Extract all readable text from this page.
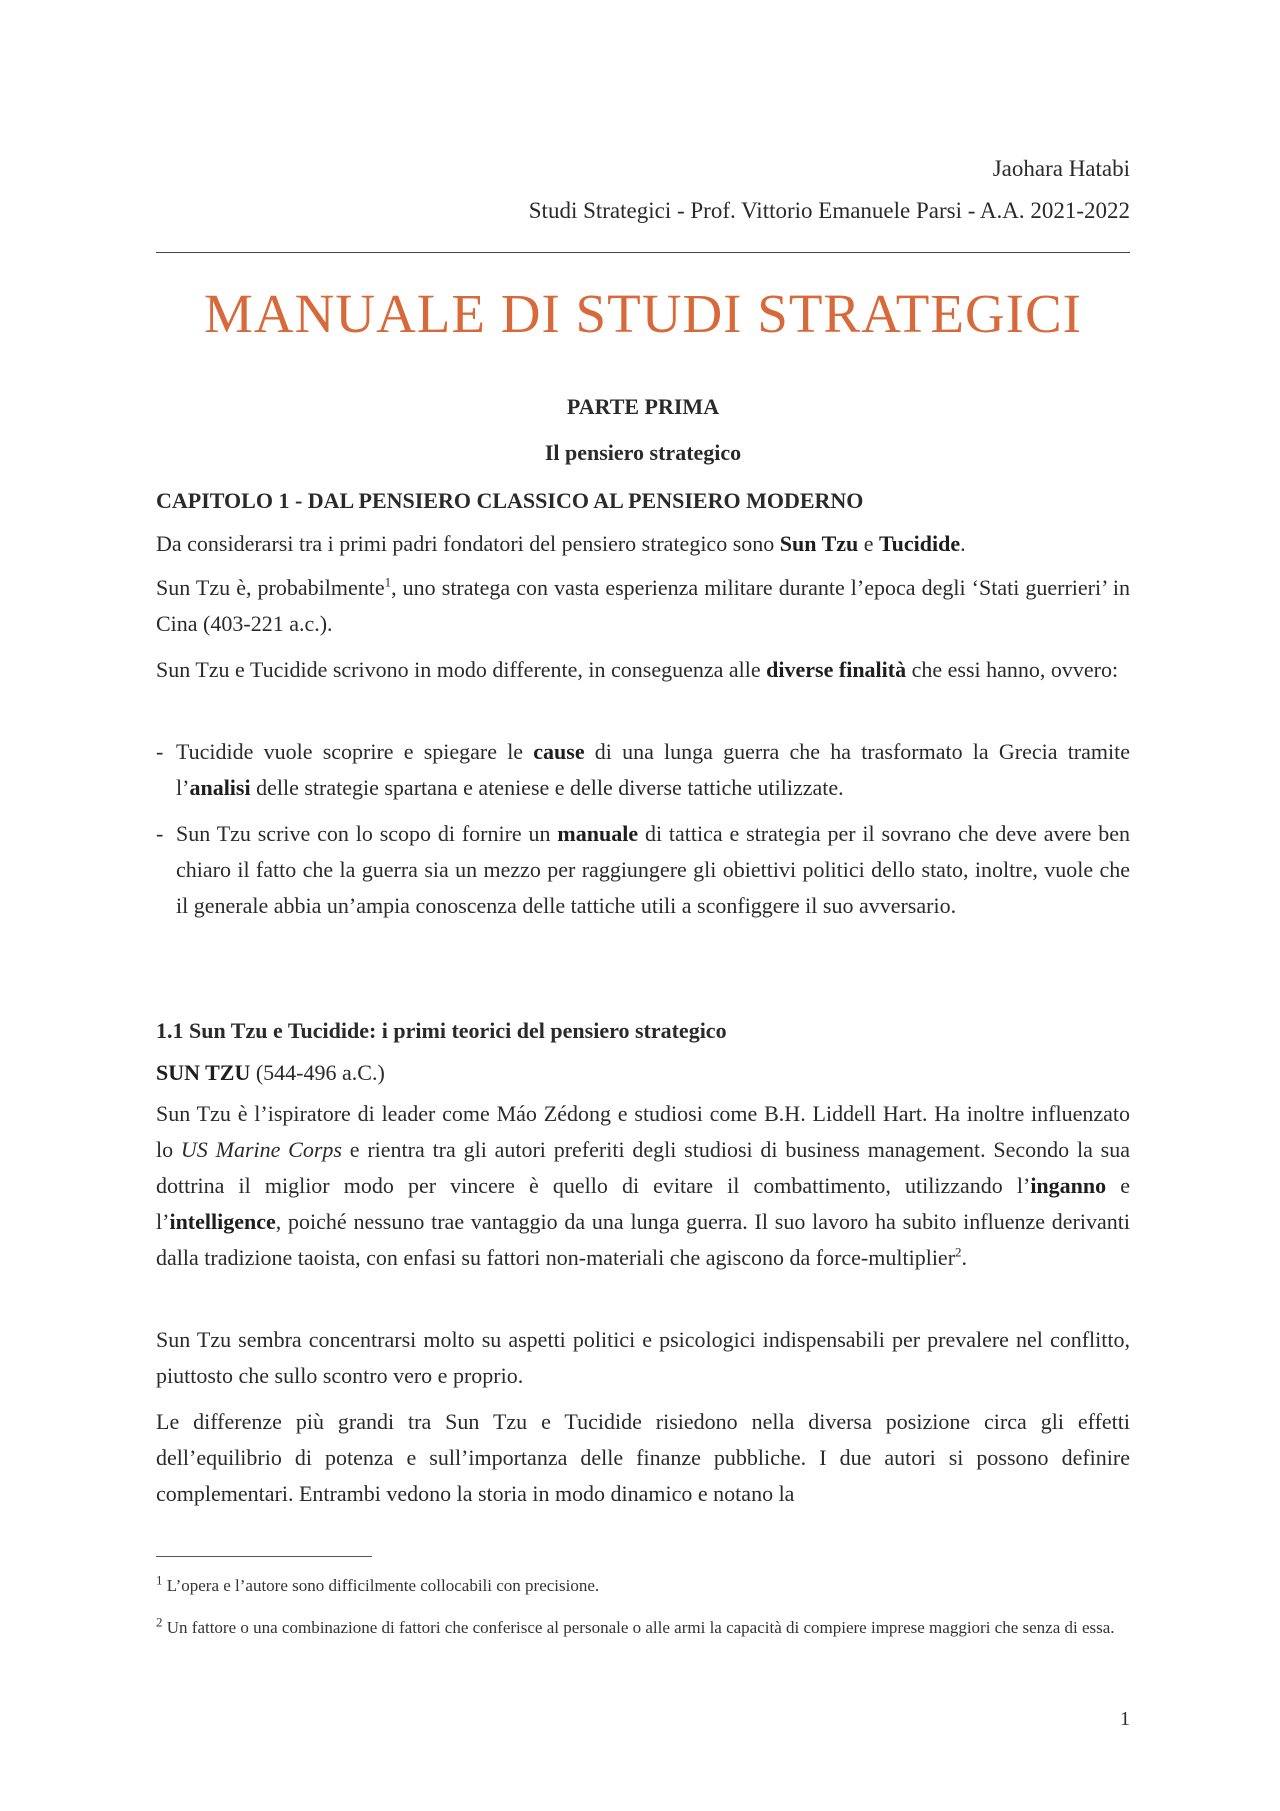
Jaohara Hatabi
Studi Strategici - Prof. Vittorio Emanuele Parsi - A.A. 2021-2022
MANUALE DI STUDI STRATEGICI
PARTE PRIMA
Il pensiero strategico
CAPITOLO 1 - DAL PENSIERO CLASSICO AL PENSIERO MODERNO

Da considerarsi tra i primi padri fondatori del pensiero strategico sono Sun Tzu e Tucidide.

Sun Tzu è, probabilmente$^1$, uno stratega con vasta esperienza militare durante l’epoca degli ‘Stati guerrieri’ in Cina (403-221 a.c.).

Sun Tzu e Tucidide scrivono in modo differente, in conseguenza alle diverse finalità che essi hanno, ovvero:

- Tucidide vuole scoprire e spiegare le cause di una lunga guerra che ha trasformato la Grecia tramite l’analisi delle strategie spartana e ateniese e delle diverse tattiche utilizzate.
- Sun Tzu scrive con lo scopo di fornire un manuale di tattica e strategia per il sovrano che deve avere ben chiaro il fatto che la guerra sia un mezzo per raggiungere gli obiettivi politici dello stato, inoltre, vuole che il generale abbia un’ampia conoscenza delle tattiche utili a sconfiggere il suo avversario.
1.1 Sun Tzu e Tucidide: i primi teorici del pensiero strategico
SUN TZU (544-496 a.C.)

Sun Tzu è l’ispiratore di leader come Máo Zédong e studiosi come B.H. Liddell Hart. Ha inoltre influenzato lo US Marine Corps e rientra tra gli autori preferiti degli studiosi di business management. Secondo la sua dottrina il miglior modo per vincere è quello di evitare il combattimento, utilizzando l’inganno e l’intelligence, poiché nessuno trae vantaggio da una lunga guerra. Il suo lavoro ha subito influenze derivanti dalla tradizione taoista, con enfasi su fattori non-materiali che agiscono da force-multiplier$^2$.

Sun Tzu sembra concentrarsi molto su aspetti politici e psicologici indispensabili per prevalere nel conflitto, piuttosto che sullo scontro vero e proprio.

Le differenze più grandi tra Sun Tzu e Tucidide risiedono nella diversa posizione circa gli effetti dell’equilibrio di potenza e sull’importanza delle finanze pubbliche. I due autori si possono definire complementari. Entrambi vedono la storia in modo dinamico e notano la

$^1$ L’opera e l’autore sono difficilmente collocabili con precisione.
$^2$ Un fattore o una combinazione di fattori che conferisce al personale o alle armi la capacità di compiere imprese maggiori che senza di essa.
1
